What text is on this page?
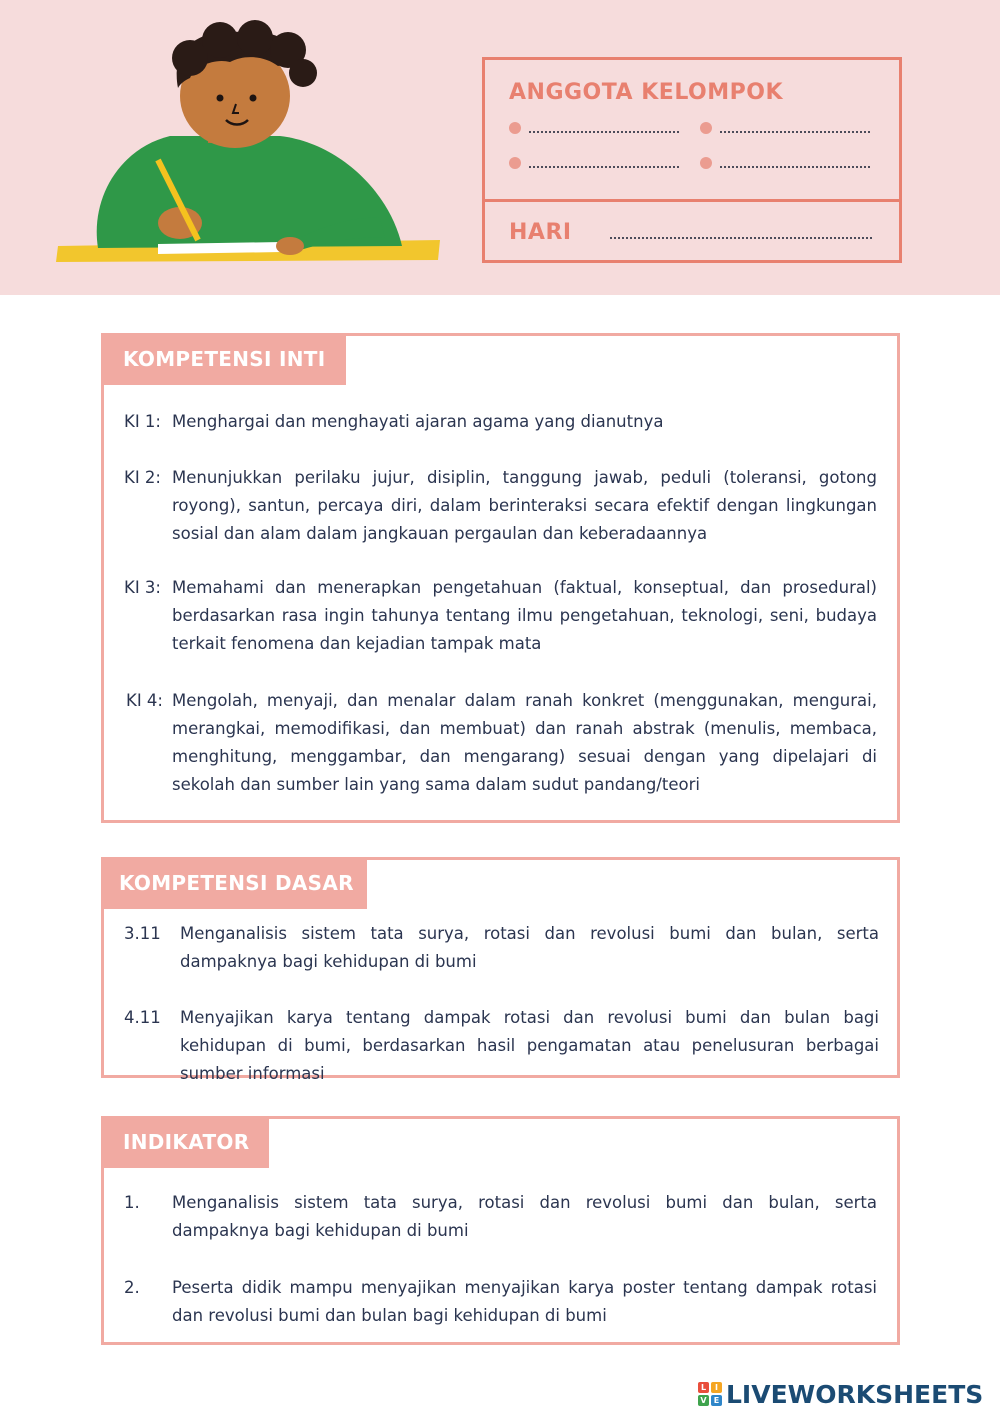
ANGGOTA KELOMPOK
HARI
KOMPETENSI INTI
KI 1: Menghargai dan menghayati ajaran agama yang dianutnya
KI 2: Menunjukkan perilaku jujur, disiplin, tanggung jawab, peduli (toleransi, gotong royong), santun, percaya diri, dalam berinteraksi secara efektif dengan lingkungan sosial dan alam dalam jangkauan pergaulan dan keberadaannya
KI 3: Memahami dan menerapkan pengetahuan (faktual, konseptual, dan prosedural) berdasarkan rasa ingin tahunya tentang ilmu pengetahuan, teknologi, seni, budaya terkait fenomena dan kejadian tampak mata
KI 4: Mengolah, menyaji, dan menalar dalam ranah konkret (menggunakan, mengurai, merangkai, memodifikasi, dan membuat) dan ranah abstrak (menulis, membaca, menghitung, menggambar, dan mengarang) sesuai dengan yang dipelajari di sekolah dan sumber lain yang sama dalam sudut pandang/teori
KOMPETENSI DASAR
3.11 Menganalisis sistem tata surya, rotasi dan revolusi bumi dan bulan, serta dampaknya bagi kehidupan di bumi
4.11 Menyajikan karya tentang dampak rotasi dan revolusi bumi dan bulan bagi kehidupan di bumi, berdasarkan hasil pengamatan atau penelusuran berbagai sumber informasi
INDIKATOR
1. Menganalisis sistem tata surya, rotasi dan revolusi bumi dan bulan, serta dampaknya bagi kehidupan di bumi
2. Peserta didik mampu menyajikan menyajikan karya poster tentang dampak rotasi dan revolusi bumi dan bulan bagi kehidupan di bumi
L	I
V E LIVEWORKSHEETS
